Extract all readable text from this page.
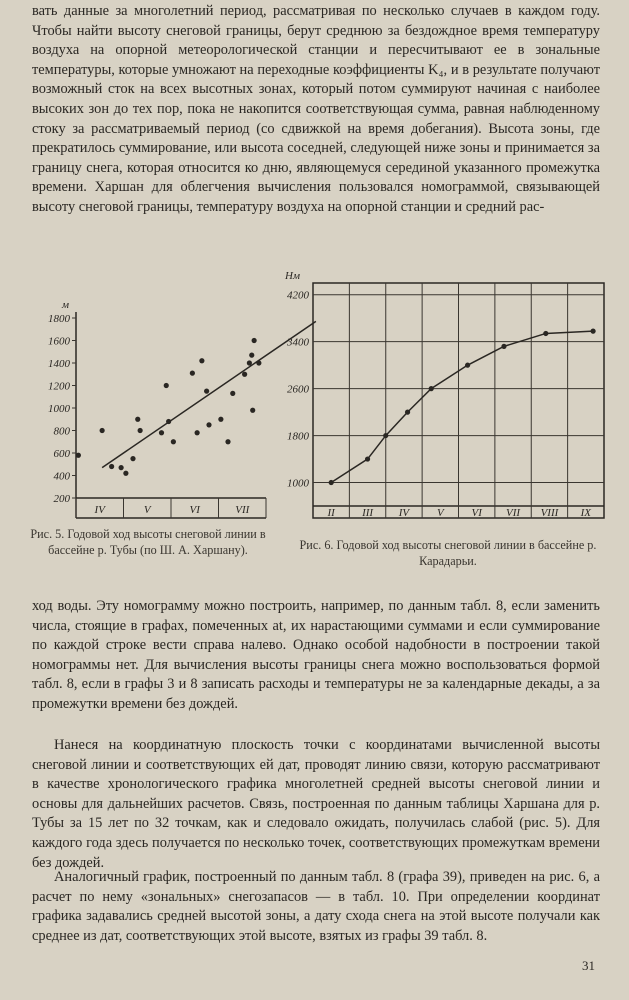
вать данные за многолетний период, рассматривая по несколько случаев в каждом году. Чтобы найти высоту снеговой границы, берут среднюю за бездождное время температуру воздуха на опорной метеорологической станции и пересчитывают ее в зональные температуры, которые умножают на переходные коэффициенты K₄, и в результате получают возможный сток на всех высотных зонах, который потом суммируют начиная с наиболее высоких зон до тех пор, пока не накопится соответствующая сумма, равная наблюденному стоку за рассматриваемый период (со сдвижкой на время добегания). Высота зоны, где прекратилось суммирование, или высота соседней, следующей ниже зоны и принимается за границу снега, которая относится ко дню, являющемуся серединой указанного промежутка времени. Харшан для облегчения вычисления пользовался номограммой, связывающей высоту снеговой границы, температуру воздуха на опорной станции и средний рас-

200
400
600
800
1000
1200
1400
1600
1800
IV	V	VI	VII
м

Рис. 5. Годовой ход высоты снеговой линии в бассейне р. Тубы (по Ш. А. Харшану).

1000
1800
2600
3400
4200
II III IV	V	VI VII VIII IX
Нм

Рис. 6. Годовой ход высоты снеговой линии в бассейне р. Карадарьи.

ход воды. Эту номограмму можно построить, например, по данным табл. 8, если заменить числа, стоящие в графах, помеченных at, их нарастающими суммами и если суммирование по каждой строке вести справа налево. Однако особой надобности в построении такой номограммы нет. Для вычисления высоты границы снега можно воспользоваться формой табл. 8, если в графы 3 и 8 записать расходы и температуры не за календарные декады, а за промежутки времени без дождей.

Нанеся на координатную плоскость точки с координатами вычисленной высоты снеговой линии и соответствующих ей дат, проводят линию связи, которую рассматривают в качестве хронологического графика многолетней средней высоты снеговой линии и основы для дальнейших расчетов. Связь, построенная по данным таблицы Харшана для р. Тубы за 15 лет по 32 точкам, как и следовало ожидать, получилась слабой (рис. 5). Для каждого года здесь получается по несколько точек, соответствующих промежуткам времени без дождей.

Аналогичный график, построенный по данным табл. 8 (графа 39), приведен на рис. 6, а расчет по нему «зональных» снегозапасов — в табл. 10. При определении координат графика задавались средней высотой зоны, а дату схода снега на этой высоте получали как среднее из дат, соответствующих этой высоте, взятых из графы 39 табл. 8.

31
